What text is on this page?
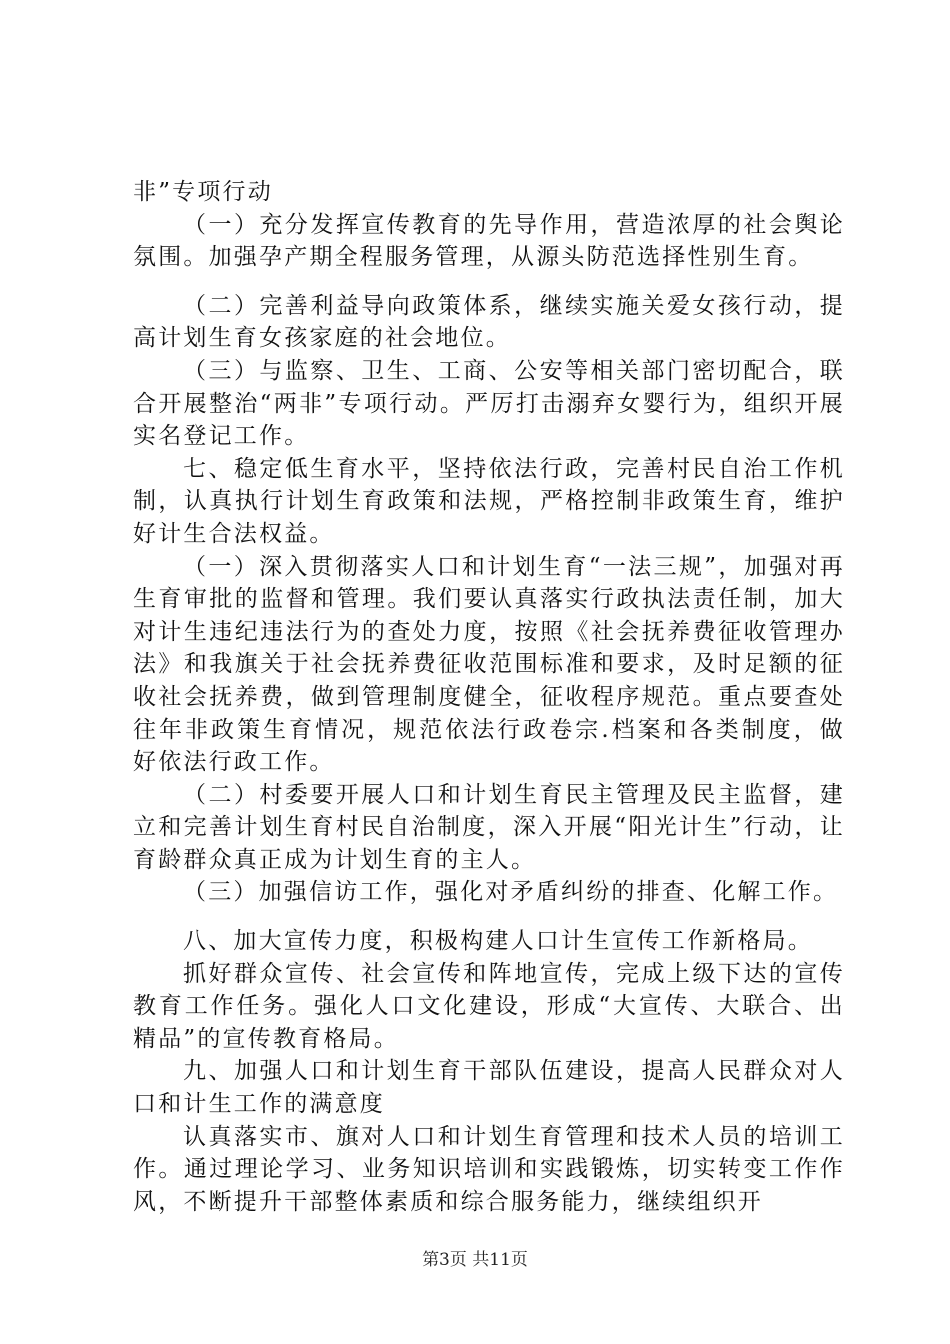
非”专项行动

（一）充分发挥宣传教育的先导作用，营造浓厚的社会舆论氛围。加强孕产期全程服务管理，从源头防范选择性别生育。

（二）完善利益导向政策体系，继续实施关爱女孩行动，提高计划生育女孩家庭的社会地位。

（三）与监察、卫生、工商、公安等相关部门密切配合，联合开展整治“两非”专项行动。严厉打击溺弃女婴行为，组织开展实名登记工作。

七、稳定低生育水平，坚持依法行政，完善村民自治工作机制，认真执行计划生育政策和法规，严格控制非政策生育，维护好计生合法权益。

（一）深入贯彻落实人口和计划生育“一法三规”，加强对再生育审批的监督和管理。我们要认真落实行政执法责任制，加大对计生违纪违法行为的查处力度，按照《社会抚养费征收管理办法》和我旗关于社会抚养费征收范围标准和要求，及时足额的征收社会抚养费，做到管理制度健全，征收程序规范。重点要查处往年非政策生育情况，规范依法行政卷宗.档案和各类制度，做好依法行政工作。

（二）村委要开展人口和计划生育民主管理及民主监督，建立和完善计划生育村民自治制度，深入开展“阳光计生”行动，让育龄群众真正成为计划生育的主人。

（三）加强信访工作，强化对矛盾纠纷的排查、化解工作。

八、加大宣传力度，积极构建人口计生宣传工作新格局。

抓好群众宣传、社会宣传和阵地宣传，完成上级下达的宣传教育工作任务。强化人口文化建设，形成“大宣传、大联合、出精品”的宣传教育格局。

九、加强人口和计划生育干部队伍建设，提高人民群众对人口和计生工作的满意度

认真落实市、旗对人口和计划生育管理和技术人员的培训工作。通过理论学习、业务知识培训和实践锻炼，切实转变工作作风，不断提升干部整体素质和综合服务能力，继续组织开

第3页 共11页
